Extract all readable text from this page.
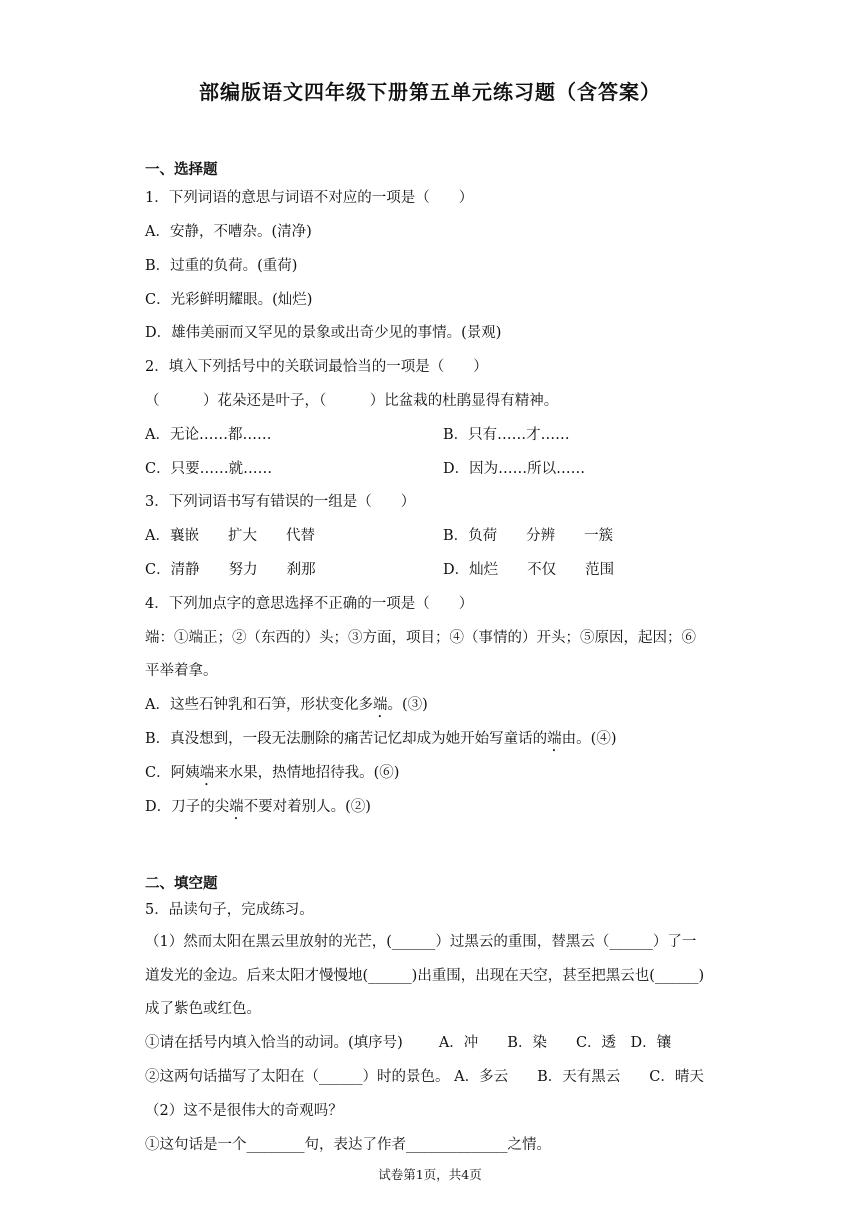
部编版语文四年级下册第五单元练习题（含答案）
一、选择题
1．下列词语的意思与词语不对应的一项是（　　）
A．安静，不嘈杂。(清净)
B．过重的负荷。(重荷)
C．光彩鲜明耀眼。(灿烂)
D．雄伟美丽而又罕见的景象或出奇少见的事情。(景观)
2．填入下列括号中的关联词最恰当的一项是（　　）
（　　　）花朵还是叶子，（　　　）比盆栽的杜鹃显得有精神。
A．无论……都……	B．只有……才……
C．只要……就……	D．因为……所以……
3．下列词语书写有错误的一组是（　　）
A．襄嵌　　扩大　　代替	B．负荷　　分辨　　一簇
C．清静　　努力　　刹那	D．灿烂　　不仅　　范围
4．下列加点字的意思选择不正确的一项是（　　）
端：①端正；②（东西的）头；③方面，项目；④（事情的）开头；⑤原因，起因；⑥
平举着拿。
A．这些石钟乳和石笋，形状变化多端。(③)
B．真没想到，一段无法删除的痛苦记忆却成为她开始写童话的端由。(④)
C．阿姨端来水果，热情地招待我。(⑥)
D．刀子的尖端不要对着别人。(②)
二、填空题
5．品读句子，完成练习。
（1）然而太阳在黑云里放射的光芒，(______）过黑云的重围，替黑云（______）了一
道发光的金边。后来太阳才慢慢地(______)出重围，出现在天空，甚至把黑云也(______)
成了紫色或红色。
①请在括号内填入恰当的动词。(填序号) A．冲　　B．染　　C．透　D．镶
②这两句话描写了太阳在（______）时的景色。 A．多云　　B．天有黑云　　C．晴天
（2）这不是很伟大的奇观吗？
①这句话是一个________句，表达了作者______________之情。
试卷第1页，共4页
